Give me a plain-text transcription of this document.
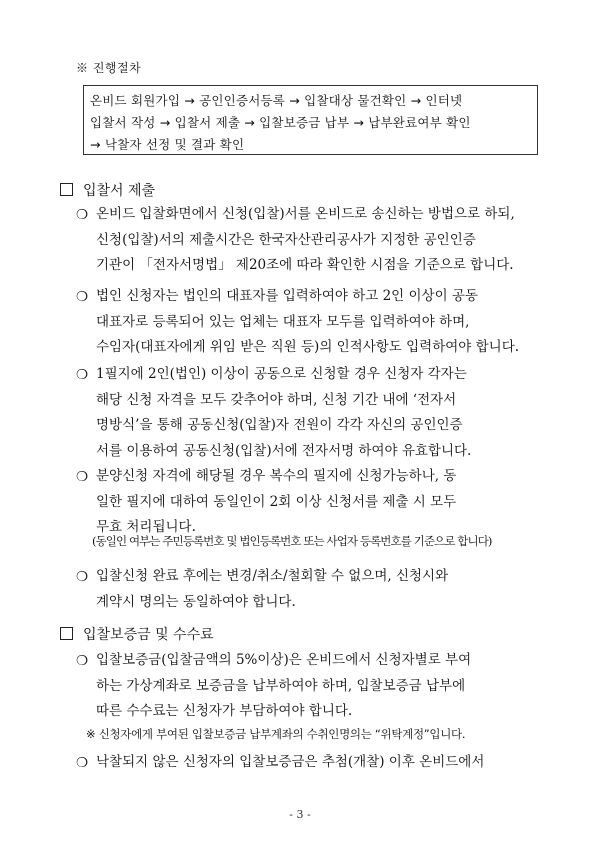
※ 진행절차
온비드 회원가입 → 공인인증서등록 → 입찰대상 물건확인 → 인터넷
입찰서 작성 → 입찰서 제출 → 입찰보증금 납부 → 납부완료여부 확인
→ 낙찰자 선정 및 결과 확인
입찰서 제출
❍ 온비드 입찰화면에서 신청(입찰)서를 온비드로 송신하는 방법으로 하되,
신청(입찰)서의 제출시간은 한국자산관리공사가 지정한 공인인증
기관이 「전자서명법」 제20조에 따라 확인한 시점을 기준으로 합니다.
❍ 법인 신청자는 법인의 대표자를 입력하여야 하고 2인 이상이 공동
대표자로 등록되어 있는 업체는 대표자 모두를 입력하여야 하며,
수임자(대표자에게 위임 받은 직원 등)의 인적사항도 입력하여야 합니다.
❍ 1필지에 2인(법인) 이상이 공동으로 신청할 경우 신청자 각자는
해당 신청 자격을 모두 갖추어야 하며, 신청 기간 내에 ‘전자서
명방식’을 통해 공동신청(입찰)자 전원이 각각 자신의 공인인증
서를 이용하여 공동신청(입찰)서에 전자서명 하여야 유효합니다.
❍ 분양신청 자격에 해당될 경우 복수의 필지에 신청가능하나, 동
일한 필지에 대하여 동일인이 2회 이상 신청서를 제출 시 모두
무효 처리됩니다.
(동일인 여부는 주민등록번호 및 법인등록번호 또는 사업자 등록번호를 기준으로 합니다)
❍ 입찰신청 완료 후에는 변경/취소/철회할 수 없으며, 신청시와
계약시 명의는 동일하여야 합니다.
입찰보증금 및 수수료
❍ 입찰보증금(입찰금액의 5%이상)은 온비드에서 신청자별로 부여
하는 가상계좌로 보증금을 납부하여야 하며, 입찰보증금 납부에
따른 수수료는 신청자가 부담하여야 합니다.
※ 신청자에게 부여된 입찰보증금 납부계좌의 수취인명의는 “위탁계정”입니다.
❍ 낙찰되지 않은 신청자의 입찰보증금은 추첨(개찰) 이후 온비드에서
- 3 -
